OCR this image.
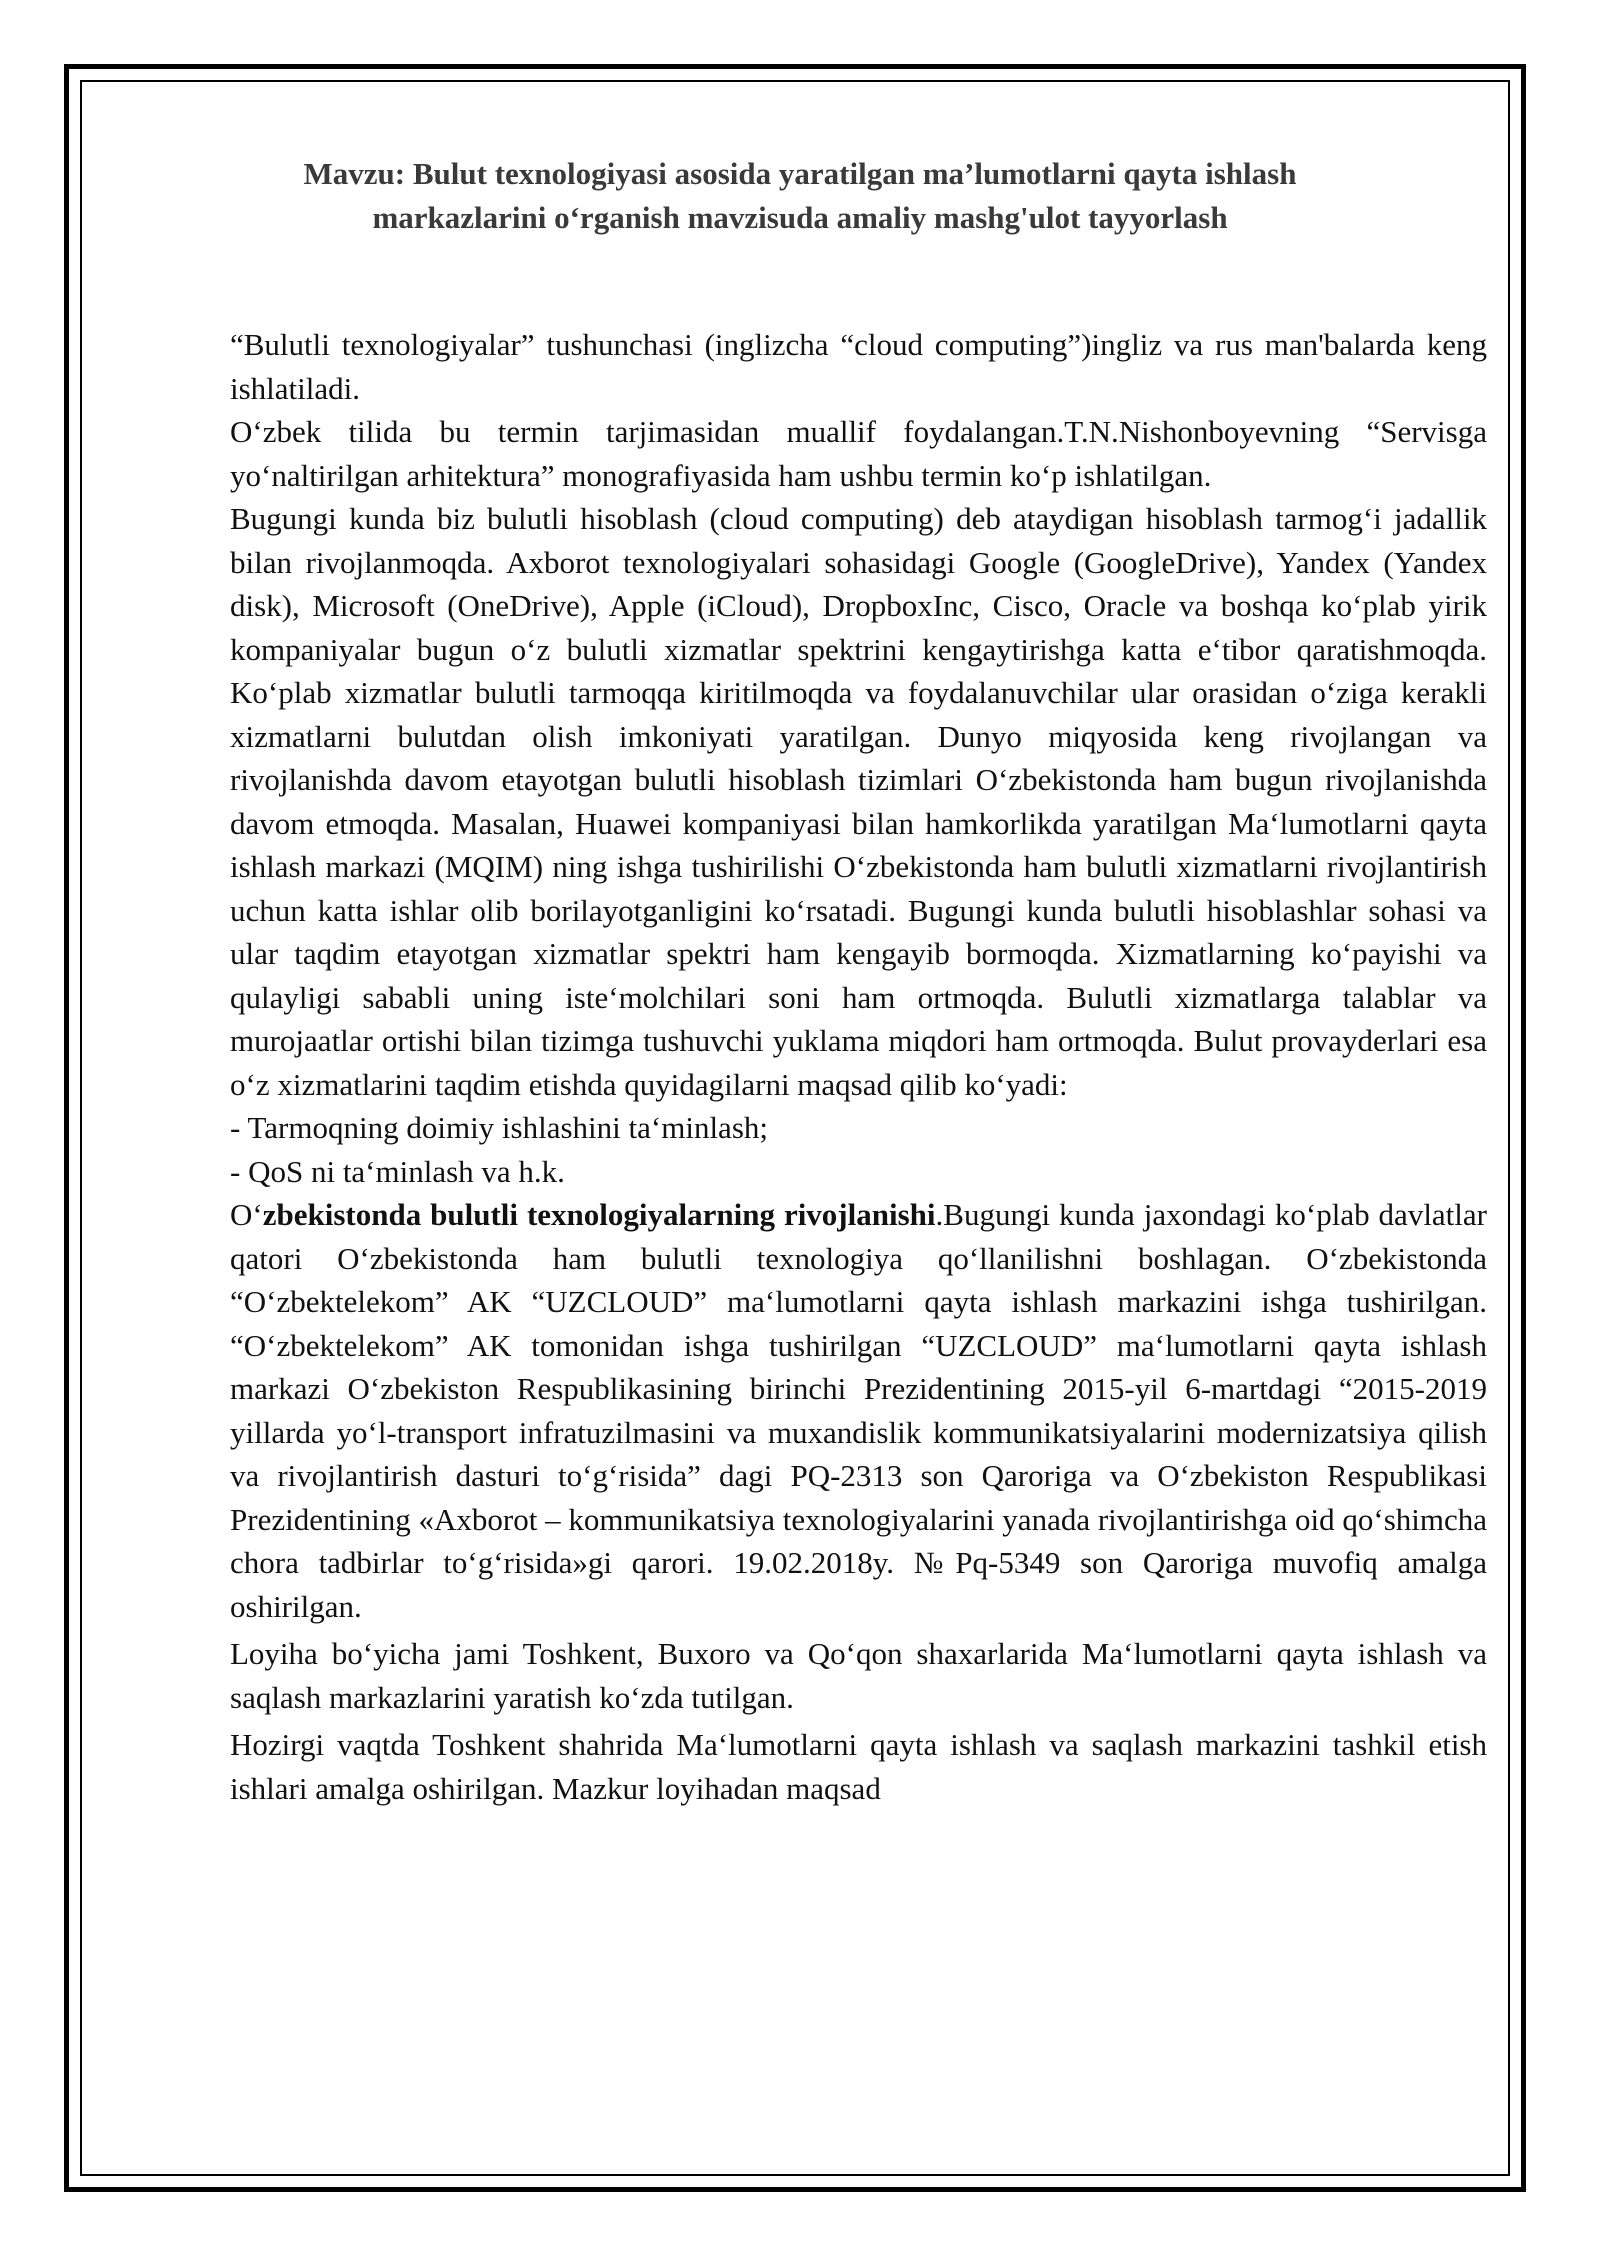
Mavzu: Bulut texnologiyasi asosida yaratilgan ma’lumotlarni qayta ishlash
markazlarini o‘rganish mavzisuda amaliy mashg'ulot tayyorlash

“Bulutli texnologiyalar” tushunchasi (inglizcha “cloud computing”)ingliz va rus man'balarda keng ishlatiladi.

O‘zbek tilida bu termin tarjimasidan muallif foydalangan.T.N.Nishonboyevning “Servisga yo‘naltirilgan arhitektura” monografiyasida ham ushbu termin ko‘p ishlatilgan.

Bugungi kunda biz bulutli hisoblash (cloud computing) deb ataydigan hisoblash tarmog‘i jadallik bilan rivojlanmoqda. Axborot texnologiyalari sohasidagi Google (GoogleDrive), Yandex (Yandex disk), Microsoft (OneDrive), Apple (iCloud), DropboxInc, Cisco, Oracle va boshqa ko‘plab yirik kompaniyalar bugun o‘z bulutli xizmatlar spektrini kengaytirishga katta e‘tibor qaratishmoqda. Ko‘plab xizmatlar bulutli tarmoqqa kiritilmoqda va foydalanuvchilar ular orasidan o‘ziga kerakli xizmatlarni bulutdan olish imkoniyati yaratilgan. Dunyo miqyosida keng rivojlangan va rivojlanishda davom etayotgan bulutli hisoblash tizimlari O‘zbekistonda ham bugun rivojlanishda davom etmoqda. Masalan, Huawei kompaniyasi bilan hamkorlikda yaratilgan Ma‘lumotlarni qayta ishlash markazi (MQIM) ning ishga tushirilishi O‘zbekistonda ham bulutli xizmatlarni rivojlantirish uchun katta ishlar olib borilayotganligini ko‘rsatadi. Bugungi kunda bulutli hisoblashlar sohasi va ular taqdim etayotgan xizmatlar spektri ham kengayib bormoqda. Xizmatlarning ko‘payishi va qulayligi sababli uning iste‘molchilari soni ham ortmoqda. Bulutli xizmatlarga talablar va murojaatlar ortishi bilan tizimga tushuvchi yuklama miqdori ham ortmoqda. Bulut provayderlari esa o‘z xizmatlarini taqdim etishda quyidagilarni maqsad qilib ko‘yadi:

- Tarmoqning doimiy ishlashini ta‘minlash;

- QoS ni ta‘minlash va h.k.

O‘zbekistonda bulutli texnologiyalarning rivojlanishi.Bugungi kunda jaxondagi ko‘plab davlatlar qatori O‘zbekistonda ham bulutli texnologiya qo‘llanilishni boshlagan. O‘zbekistonda “O‘zbektelekom” AK “UZCLOUD” ma‘lumotlarni qayta ishlash markazini ishga tushirilgan. “O‘zbektelekom” AK tomonidan ishga tushirilgan “UZCLOUD” ma‘lumotlarni qayta ishlash markazi O‘zbekiston Respublikasining birinchi Prezidentining 2015-yil 6-martdagi “2015-2019 yillarda yo‘l-transport infratuzilmasini va muxandislik kommunikatsiyalarini modernizatsiya qilish va rivojlantirish dasturi to‘g‘risida” dagi PQ-2313 son Qaroriga va O‘zbekiston Respublikasi Prezidentining «Axborot – kommunikatsiya texnologiyalarini yanada rivojlantirishga oid qo‘shimcha chora tadbirlar to‘g‘risida»gi qarori. 19.02.2018y. №Pq-5349 son Qaroriga muvofiq amalga oshirilgan.

Loyiha bo‘yicha jami Toshkent, Buxoro va Qo‘qon shaxarlarida Ma‘lumotlarni qayta ishlash va saqlash markazlarini yaratish ko‘zda tutilgan.

Hozirgi vaqtda Toshkent shahrida Ma‘lumotlarni qayta ishlash va saqlash markazini tashkil etish ishlari amalga oshirilgan. Mazkur loyihadan maqsad
